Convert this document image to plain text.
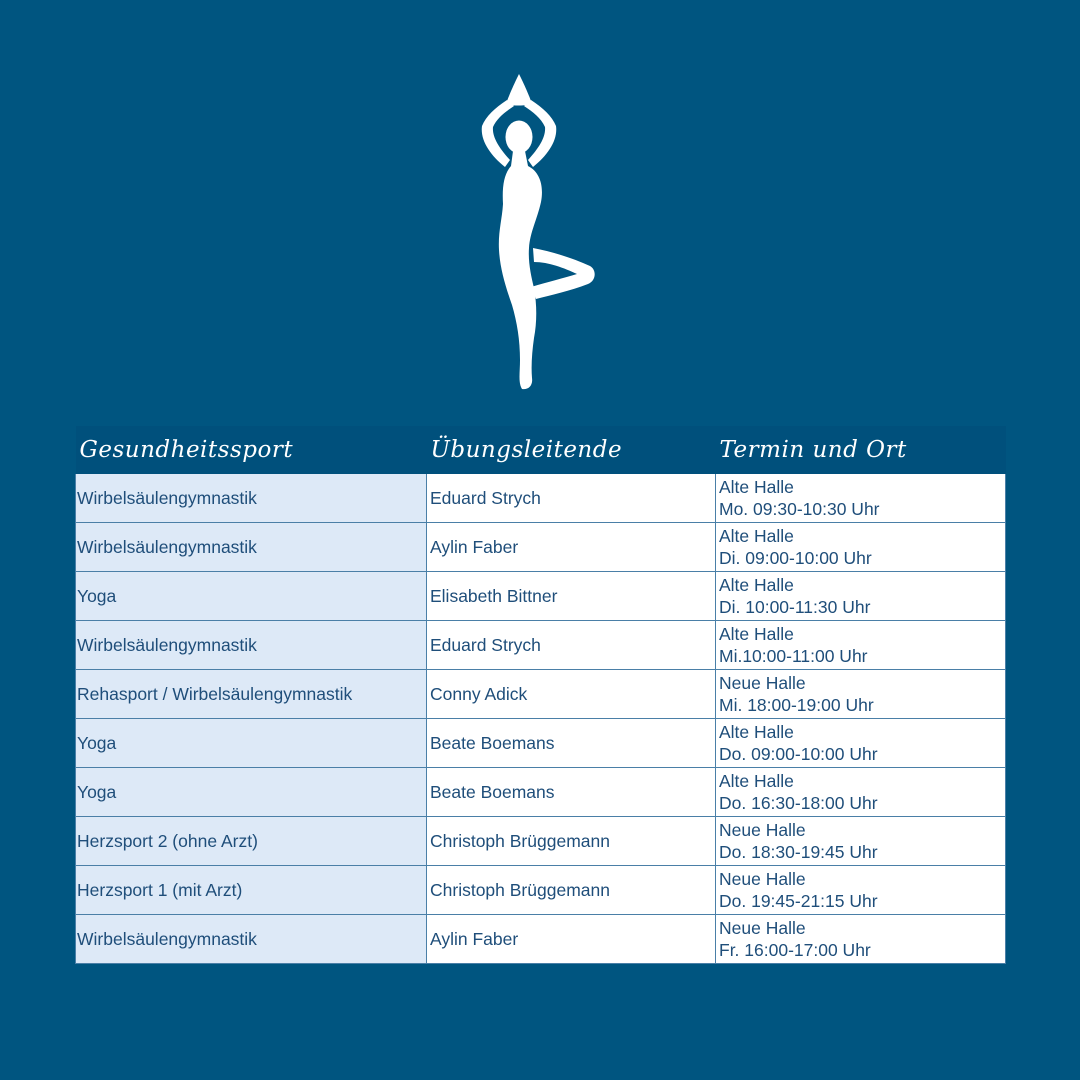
Gesundheitssport	Übungsleitende	Termin und Ort
Wirbelsäulengymnastik	Eduard Strych	Alte Halle
Mo. 09:30-10:30 Uhr

Wirbelsäulengymnastik	Aylin Faber	Alte Halle
Di. 09:00-10:00 Uhr

Yoga	Elisabeth Bittner	Alte Halle
Di. 10:00-11:30 Uhr

Wirbelsäulengymnastik	Eduard Strych	Alte Halle
Mi.10:00-11:00 Uhr

Rehasport / Wirbelsäulengymnastik	Conny Adick	Neue Halle
Mi. 18:00-19:00 Uhr

Yoga	Beate Boemans	Alte Halle
Do. 09:00-10:00 Uhr

Yoga	Beate Boemans	Alte Halle
Do. 16:30-18:00 Uhr

Herzsport 2 (ohne Arzt)	Christoph Brüggemann	Neue Halle
Do. 18:30-19:45 Uhr

Herzsport 1 (mit Arzt)	Christoph Brüggemann	Neue Halle
Do. 19:45-21:15 Uhr

Wirbelsäulengymnastik	Aylin Faber	Neue Halle
Fr. 16:00-17:00 Uhr
